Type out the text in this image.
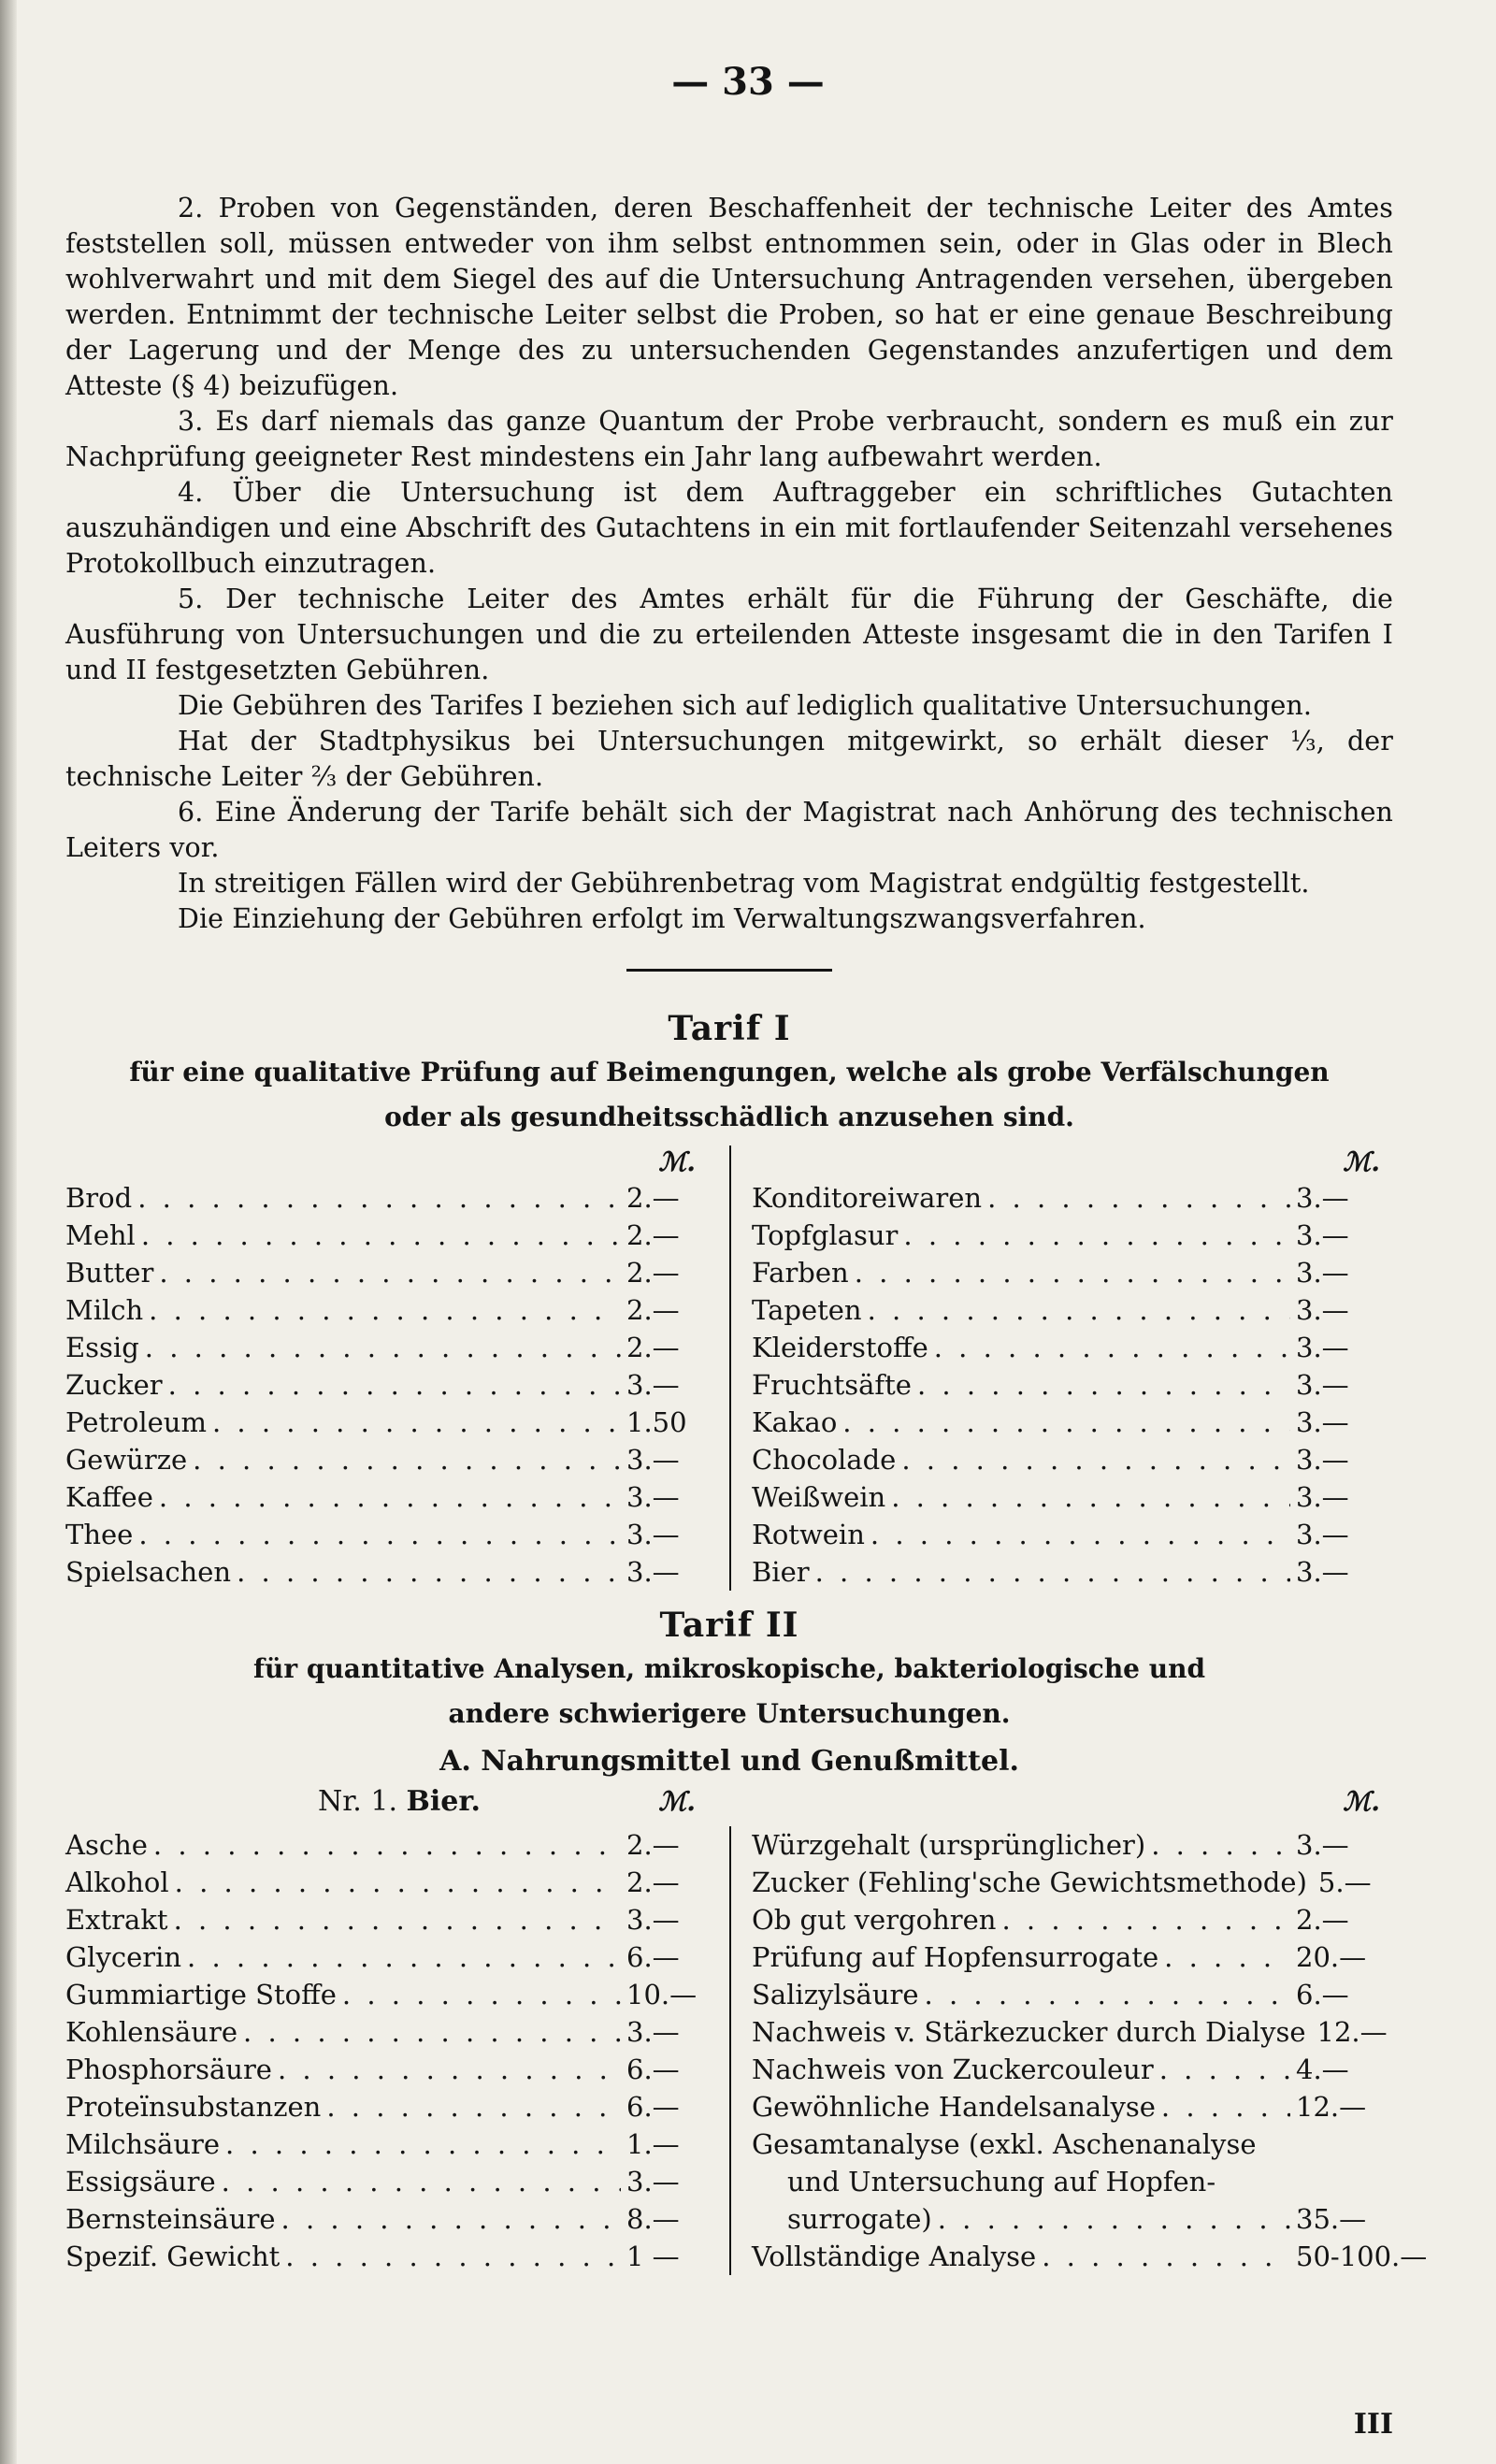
— 33 —

2. Proben von Gegenständen, deren Beschaffenheit der technische Leiter des Amtes feststellen soll, müssen entweder von ihm selbst entnommen sein, oder in Glas oder in Blech wohlverwahrt und mit dem Siegel des auf die Untersuchung Antragenden versehen, übergeben werden. Entnimmt der technische Leiter selbst die Proben, so hat er eine genaue Beschreibung der Lagerung und der Menge des zu untersuchenden Gegenstandes anzufertigen und dem Atteste (§ 4) beizufügen.

3. Es darf niemals das ganze Quantum der Probe verbraucht, sondern es muß ein zur Nachprüfung geeigneter Rest mindestens ein Jahr lang aufbewahrt werden.

4. Über die Untersuchung ist dem Auftraggeber ein schriftliches Gutachten auszuhändigen und eine Abschrift des Gutachtens in ein mit fortlaufender Seitenzahl versehenes Protokollbuch einzutragen.

5. Der technische Leiter des Amtes erhält für die Führung der Geschäfte, die Ausführung von Untersuchungen und die zu erteilenden Atteste insgesamt die in den Tarifen I und II festgesetzten Gebühren.

Die Gebühren des Tarifes I beziehen sich auf lediglich qualitative Untersuchungen.

Hat der Stadtphysikus bei Untersuchungen mitgewirkt, so erhält dieser ⅓, der technische Leiter ⅔ der Gebühren.

6. Eine Änderung der Tarife behält sich der Magistrat nach Anhörung des technischen Leiters vor.

In streitigen Fällen wird der Gebührenbetrag vom Magistrat endgültig festgestellt.

Die Einziehung der Gebühren erfolgt im Verwaltungszwangsverfahren.

Tarif I
für eine qualitative Prüfung auf Beimengungen, welche als grobe Verfälschungen oder als gesundheitsschädlich anzusehen sind.
ℳ.
Brod . . .	2.—
Mehl . . .	2.—
Butter . . .	2.—
Milch . . .	2.—
Essig . . .	2.—
Zucker . . .	3.—
Petroleum . . .	1.50
Gewürze . . .	3.—
Kaffee . . .	3.—
Thee . . .	3.—
Spielsachen . . .	3.—
ℳ.
Konditoreiwaren . . .	3.—
Topfglasur . . .	3.—
Farben . . .	3.—
Tapeten . . .	3.—
Kleiderstoffe . . .	3.—
Fruchtsäfte . . .	3.—
Kakao . . .	3.—
Chocolade . . .	3.—
Weißwein . . .	3.—
Rotwein . . .	3.—
Bier . . .	3.—
Tarif II
für quantitative Analysen, mikroskopische, bakteriologische und andere schwierigere Untersuchungen.
A. Nahrungsmittel und Genußmittel.
Nr. 1. Bier.	ℳ.	ℳ.
Asche . . .	2.—
Alkohol . . .	2.—
Extrakt . . .	3.—
Glycerin . . .	6.—
Gummiartige Stoffe . . .	10.—
Kohlensäure . . .	3.—
Phosphorsäure . . .	6.—
Proteïnsubstanzen . . .	6.—
Milchsäure . . .	1.—
Essigsäure . . .	3.—
Bernsteinsäure . . .	8.—
Spezif. Gewicht . . .	1 —
Würzgehalt (ursprünglicher) . . .	3.—
Zucker (Fehling'sche Gewichtsmethode) 5.—
Ob gut vergohren . . .	2.—
Prüfung auf Hopfensurrogate . . .	20.—
Salizylsäure . . .	6.—
Nachweis v. Stärkezucker durch Dialyse 12.—
Nachweis von Zuckercouleur . . .	4.—
Gewöhnliche Handelsanalyse . . .	12.—
Gesamtanalyse (exkl. Aschenanalyse
und Untersuchung auf Hopfen-
surrogate) . . .	35.—
Vollständige Analyse . . .	50-100.—
III
